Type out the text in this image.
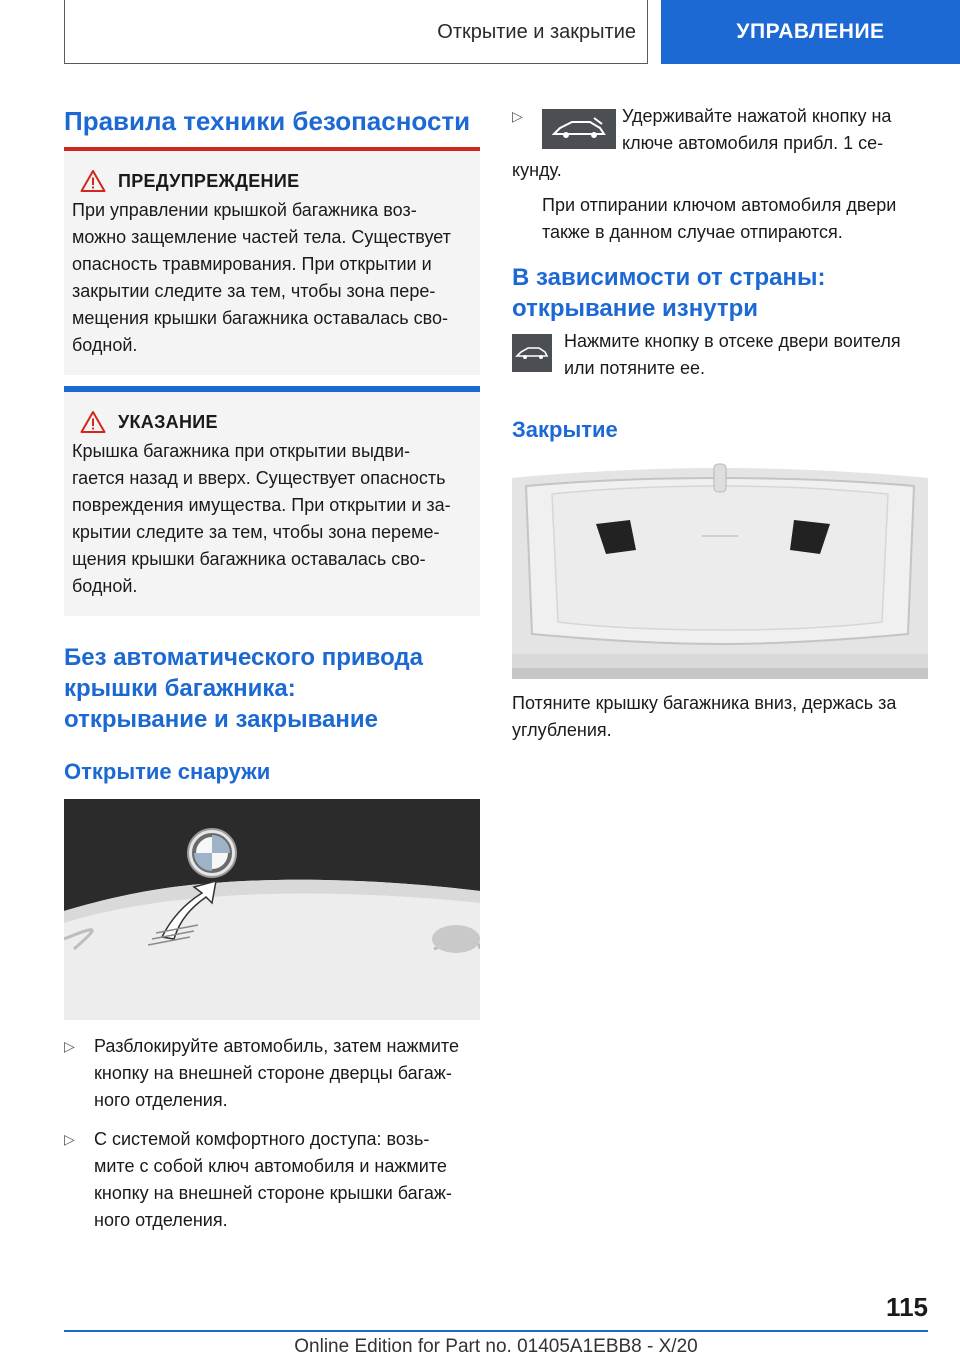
Открытие и закрытие	УПРАВЛЕНИЕ
Правила техники безопасности
ПРЕДУПРЕЖДЕНИЕ

При управлении крышкой багажника воз-

можно защемление частей тела. Существует

опасность травмирования. При открытии и

закрытии следите за тем, чтобы зона пере-

мещения крышки багажника оставалась сво-

бодной.

УКАЗАНИЕ

Крышка багажника при открытии выдви-

гается назад и вверх. Существует опасность

повреждения имущества. При открытии и за-

крытии следите за тем, чтобы зона переме-

щения крышки багажника оставалась сво-

бодной.

Без автоматического привода
крышки багажника:
открывание и закрывание
Открытие снаружи
▷	Разблокируйте автомобиль, затем нажмите

кнопку на внешней стороне дверцы багаж-

ного отделения.

▷	С системой комфортного доступа: возь-

мите с собой ключ автомобиля и нажмите

кнопку на внешней стороне крышки багаж-

ного отделения.

▷	Удерживайте нажатой кнопку на

ключе автомобиля прибл. 1 се-

кунду.

При отпирании ключом автомобиля двери

также в данном случае отпираются.

В зависимости от страны:
открывание изнутри

Нажмите кнопку в отсеке двери воителя

или потяните ее.

Закрытие

Потяните крышку багажника вниз, держась за

углубления.

115
Online Edition for Part no. 01405A1EBB8 - X/20
